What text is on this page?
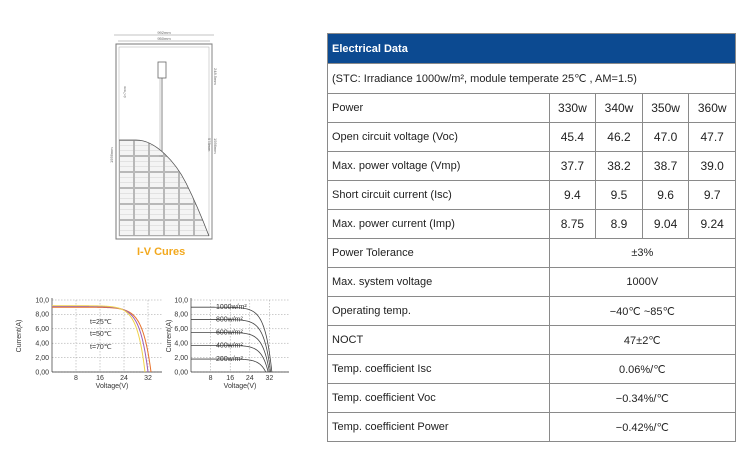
992mm
950mm
248.5mm
978mm 1956mm
1956mm
4×7mm
I-V Cures
10,0
8,00
6,00
4,00
2,00
0,00
8	16 24 32
Voltage(V)
Current(A)	t=25℃
t=50℃
t=70℃
10,0
8,00
6,00
4,00
2,00
0,00
8 16 24 32
Voltage(V)
Current(A)
1000w/m²
800w/m²
600w/m²
400w/m²
200w/m²
Electrical Data				
(STC: Irradiance 1000w/m², module temperate 25℃ , AM=1.5)				
Power	330w	340w	350w	360w
Open circuit voltage (Voc)	45.4	46.2	47.0	47.7
Max. power voltage (Vmp)	37.7	38.2	38.7	39.0
Short circuit current (Isc)	9.4	9.5	9.6	9.7
Max. power current (Imp)	8.75	8.9	9.04	9.24
Power Tolerance	±3%			
Max. system voltage	1000V			
Operating temp.	−40℃ ~85℃			
NOCT	47±2℃			
Temp. coefficient Isc	0.06%/℃			
Temp. coefficient Voc	−0.34%/℃			
Temp. coefficient Power	−0.42%/℃			
